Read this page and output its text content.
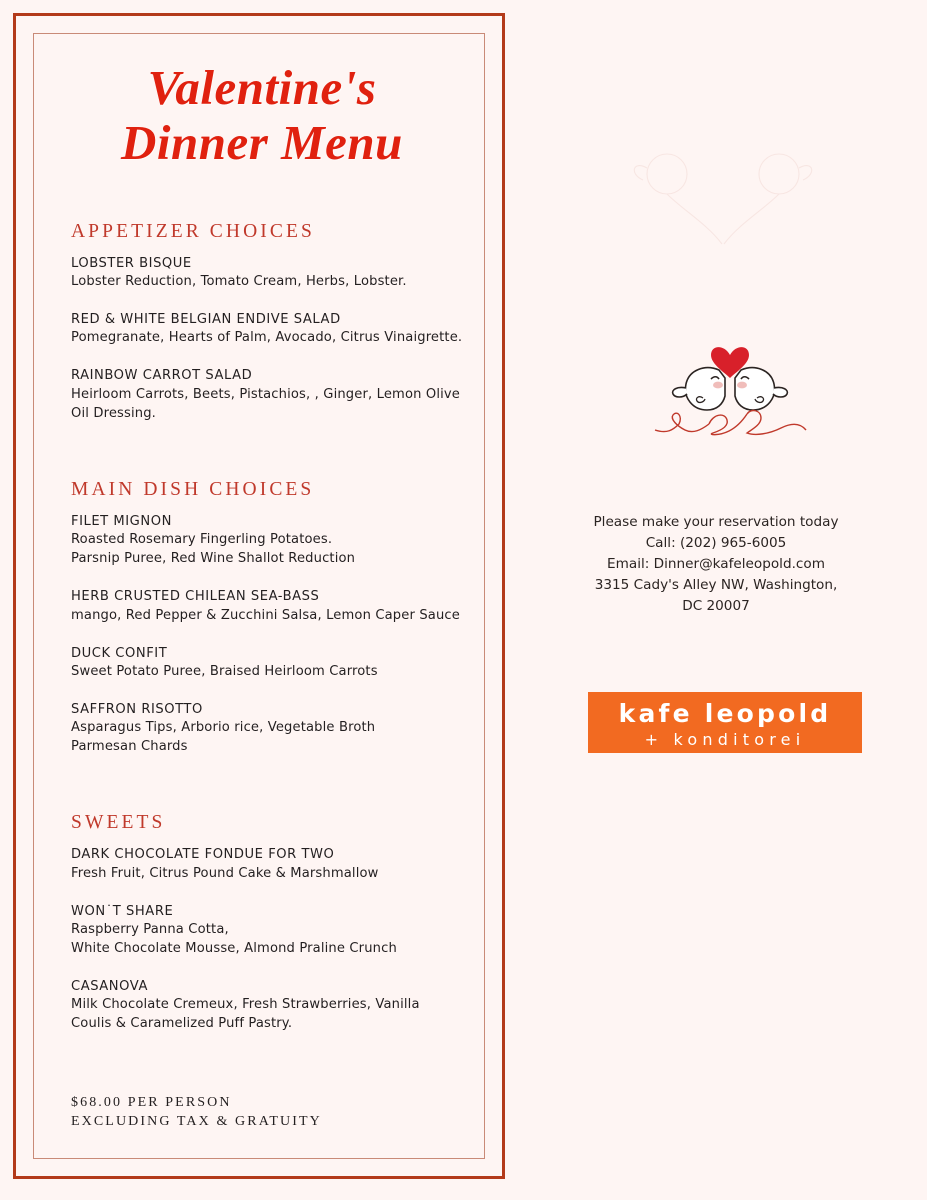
Valentine's
Dinner Menu
APPETIZER CHOICES

LOBSTER BISQUE

Lobster Reduction, Tomato Cream, Herbs, Lobster.

RED & WHITE BELGIAN ENDIVE SALAD

Pomegranate, Hearts of Palm, Avocado, Citrus Vinaigrette.

RAINBOW CARROT SALAD

Heirloom Carrots, Beets, Pistachios, , Ginger, Lemon Olive

Oil Dressing.

MAIN DISH CHOICES

FILET MIGNON

Roasted Rosemary Fingerling Potatoes.

Parsnip Puree, Red Wine Shallot Reduction

HERB CRUSTED CHILEAN SEA-BASS

mango, Red Pepper & Zucchini Salsa, Lemon Caper Sauce

DUCK CONFIT

Sweet Potato Puree, Braised Heirloom Carrots

SAFFRON RISOTTO

Asparagus Tips, Arborio rice, Vegetable Broth

Parmesan Chards

SWEETS

DARK CHOCOLATE FONDUE FOR TWO

Fresh Fruit, Citrus Pound Cake & Marshmallow

WON˙T SHARE

Raspberry Panna Cotta,

White Chocolate Mousse, Almond Praline Crunch

CASANOVA

Milk Chocolate Cremeux, Fresh Strawberries, Vanilla

Coulis & Caramelized Puff Pastry.

$68.00 PER PERSON
EXCLUDING TAX & GRATUITY
Please make your reservation today
Call: (202) 965-6005
Email: Dinner@kafeleopold.com
3315 Cady's Alley NW, Washington,
DC 20007
kafe leopold
+ konditorei
